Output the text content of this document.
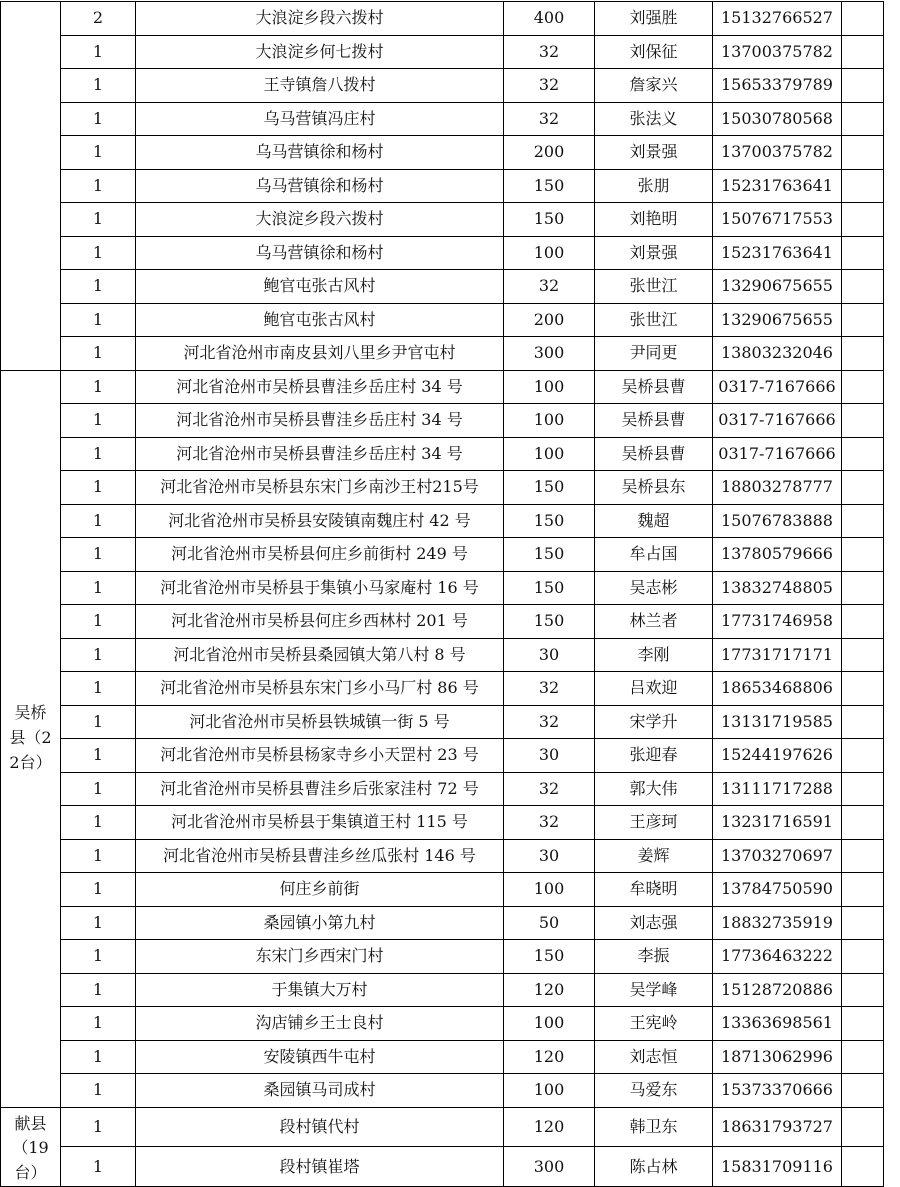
	2	大浪淀乡段六拨村	400	刘强胜	15132766527	
	1	大浪淀乡何七拨村	32	刘保征	13700375782	
	1	王寺镇詹八拨村	32	詹家兴	15653379789	
	1	乌马营镇冯庄村	32	张法义	15030780568	
	1	乌马营镇徐和杨村	200	刘景强	13700375782	
	1	乌马营镇徐和杨村	150	张朋	15231763641	
	1	大浪淀乡段六拨村	150	刘艳明	15076717553	
	1	乌马营镇徐和杨村	100	刘景强	15231763641	
	1	鲍官屯张古风村	32	张世江	13290675655	
	1	鲍官屯张古风村	200	张世江	13290675655	
	1	河北省沧州市南皮县刘八里乡尹官屯村	300	尹同更	13803232046	
吴桥县（22台）	1	河北省沧州市吴桥县曹洼乡岳庄村 34 号	100	吴桥县曹	0317-7167666	
	1	河北省沧州市吴桥县曹洼乡岳庄村 34 号	100	吴桥县曹	0317-7167666	
	1	河北省沧州市吴桥县曹洼乡岳庄村 34 号	100	吴桥县曹	0317-7167666	
	1	河北省沧州市吴桥县东宋门乡南沙王村215号	150	吴桥县东	18803278777	
	1	河北省沧州市吴桥县安陵镇南魏庄村 42 号	150	魏超	15076783888	
	1	河北省沧州市吴桥县何庄乡前街村 249 号	150	牟占国	13780579666	
	1	河北省沧州市吴桥县于集镇小马家庵村 16 号	150	吴志彬	13832748805	
	1	河北省沧州市吴桥县何庄乡西林村 201 号	150	林兰者	17731746958	
	1	河北省沧州市吴桥县桑园镇大第八村 8 号	30	李刚	17731717171	
	1	河北省沧州市吴桥县东宋门乡小马厂村 86 号	32	吕欢迎	18653468806	
	1	河北省沧州市吴桥县铁城镇一街 5 号	32	宋学升	13131719585	
	1	河北省沧州市吴桥县杨家寺乡小天罡村 23 号	30	张迎春	15244197626	
	1	河北省沧州市吴桥县曹洼乡后张家洼村 72 号	32	郭大伟	13111717288	
	1	河北省沧州市吴桥县于集镇道王村 115 号	32	王彦珂	13231716591	
	1	河北省沧州市吴桥县曹洼乡丝瓜张村 146 号	30	姜辉	13703270697	
	1	何庄乡前街	100	牟晓明	13784750590	
	1	桑园镇小第九村	50	刘志强	18832735919	
	1	东宋门乡西宋门村	150	李振	17736463222	
	1	于集镇大万村	120	吴学峰	15128720886	
	1	沟店铺乡王士良村	100	王宪岭	13363698561	
	1	安陵镇西牛屯村	120	刘志恒	18713062996	
	1	桑园镇马司成村	100	马爱东	15373370666	
献县（19台）	1	段村镇代村	120	韩卫东	18631793727	
	1	段村镇崔塔	300	陈占林	15831709116	
